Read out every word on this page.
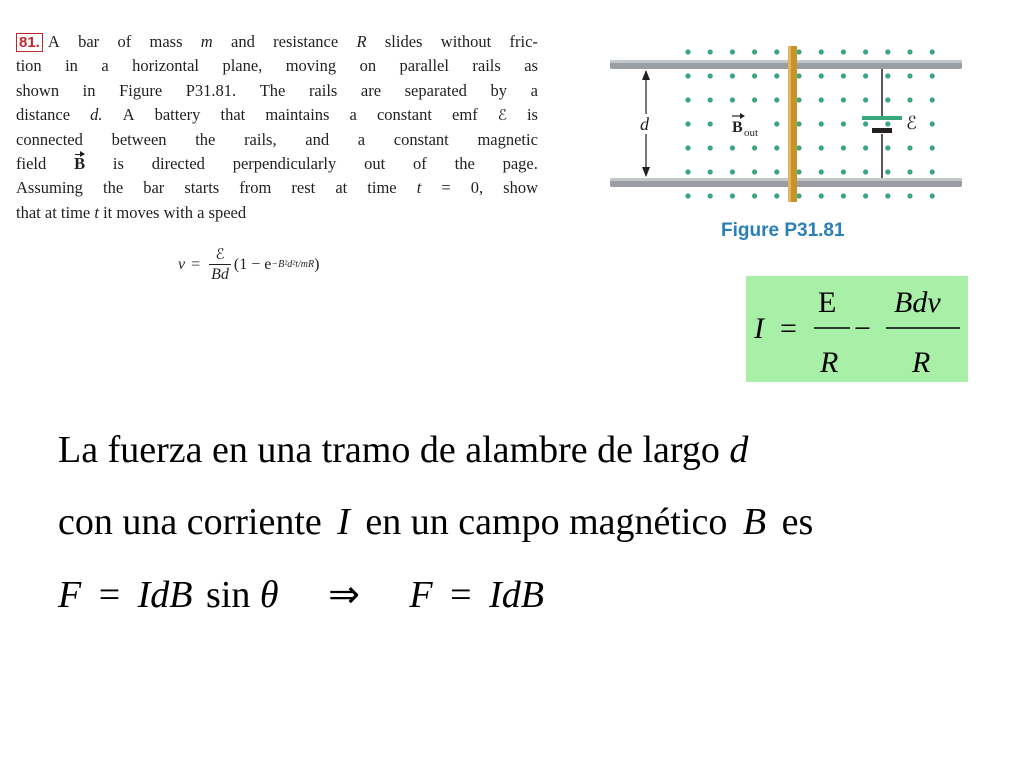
81. A bar of mass m and resistance R slides without fric-
tion in a horizontal plane, moving on parallel rails as
shown in Figure P31.81. The rails are separated by a
distance d. A battery that maintains a constant emf ℰ is
connected between the rails, and a constant magnetic
field B is directed perpendicularly out of the page.
Assuming the bar starts from rest at time t = 0, show
that
at
time
t
it
moves
with
a
speed
$v = \frac{\text{ℰ}}{Bd} (1 - e -B^2d^2t/mR$ )
d	B out	ℰ
Figure P31.81
I =
E
R
−
Bdv
R
La fuerza en una tramo de alambre de largo d
con una corriente I en un campo magnético B es
F = IdB sin θ ⇒ F = IdB
